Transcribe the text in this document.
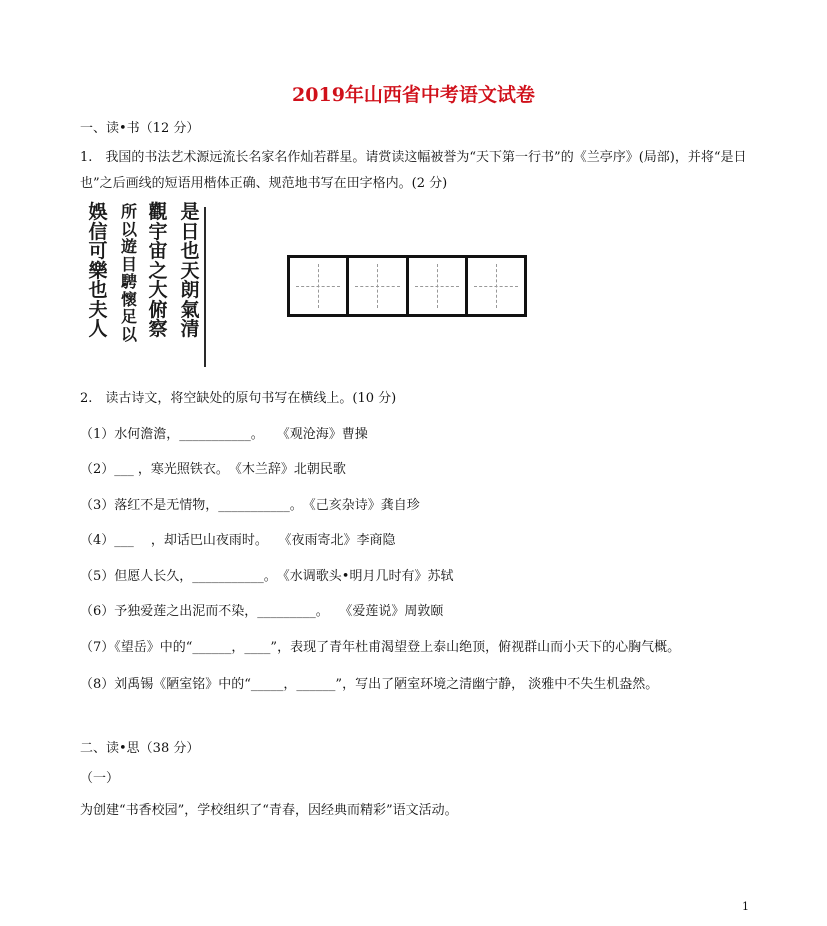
2019年山西省中考语文试卷
一、读•书（12 分）
1.　我国的书法艺术源远流长名家名作灿若群星。请赏读这幅被誉为“天下第一行书”的《兰亭序》(局部)，并将“是日也”之后画线的短语用楷体正确、规范地书写在田字格内。(2 分)
是
日
也
天
朗
氣
清
觀
宇
宙
之
大
俯
察
所
以
遊
目
騁
懷
足
以
娛
信
可
樂
也
夫
人
2.　读古诗文，将空缺处的原句书写在横线上。(10 分)
（1）水何澹澹，___________。　　《观沧海》曹操
（2）___ ，寒光照铁衣。　《木兰辞》北朝民歌
（3）落红不是无情物，___________。　《己亥杂诗》龚自珍
（4）___　 ，却话巴山夜雨时。　 《夜雨寄北》李商隐
（5）但愿人长久，___________。　《水调歌头•明月几时有》苏轼
（6）予独爱莲之出泥而不染，_________。　 《爱莲说》周敦颐
（7）《望岳》中的“______，____”，表现了青年杜甫渴望登上泰山绝顶，俯视群山而小天下的心胸气概。
（8）刘禹锡《陋室铭》中的“_____，______”，写出了陋室环境之清幽宁静， 淡雅中不失生机盎然。
二、读•思（38 分）
（一）
为创建“书香校园”，学校组织了“青春，因经典而精彩”语文活动。
1
